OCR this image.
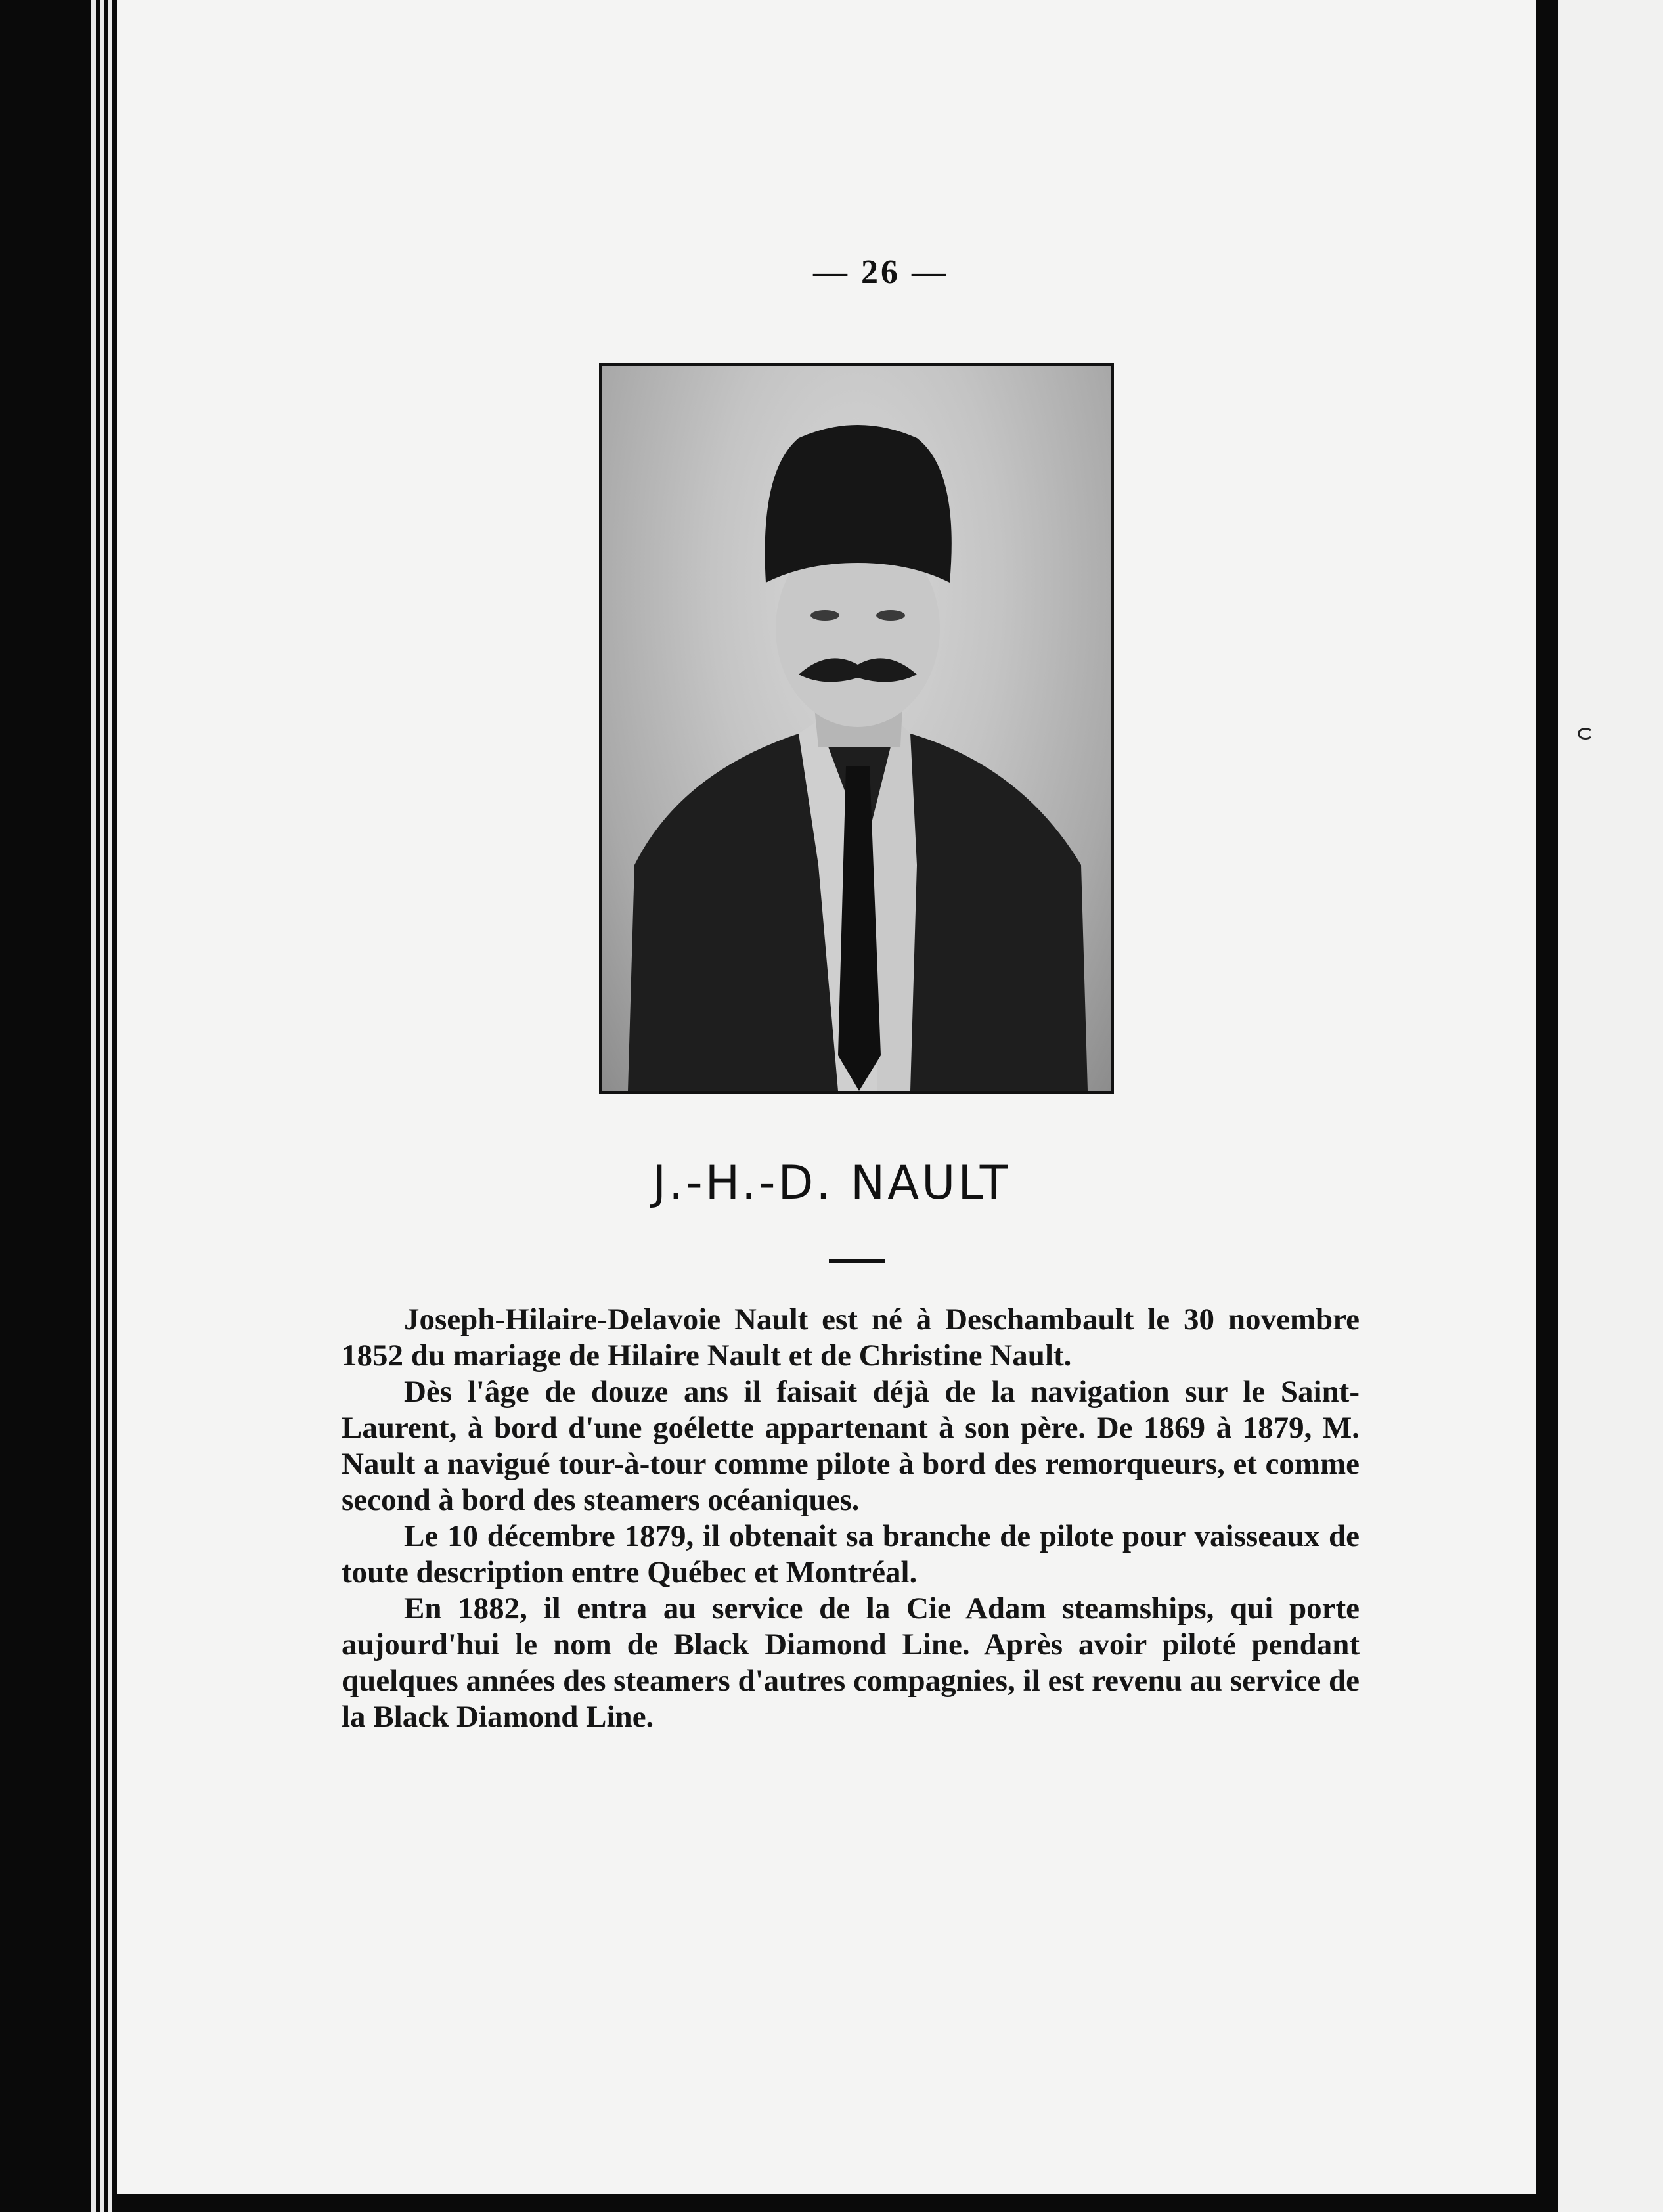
— 26 —
J.-H.-D. NAULT

Joseph-Hilaire-Delavoie Nault est né à Deschambault le 30 novembre 1852 du mariage de Hilaire Nault et de Christine Nault.

Dès l'âge de douze ans il faisait déjà de la navigation sur le Saint-Laurent, à bord d'une goélette appartenant à son père. De 1869 à 1879, M. Nault a navigué tour-à-tour comme pilote à bord des remorqueurs, et comme second à bord des steamers océaniques.

Le 10 décembre 1879, il obtenait sa branche de pilote pour vaisseaux de toute description entre Québec et Montréal.

En 1882, il entra au service de la Cie Adam steamships, qui porte aujourd'hui le nom de Black Diamond Line. Après avoir piloté pendant quelques années des steamers d'autres compagnies, il est revenu au service de la Black Diamond Line.
